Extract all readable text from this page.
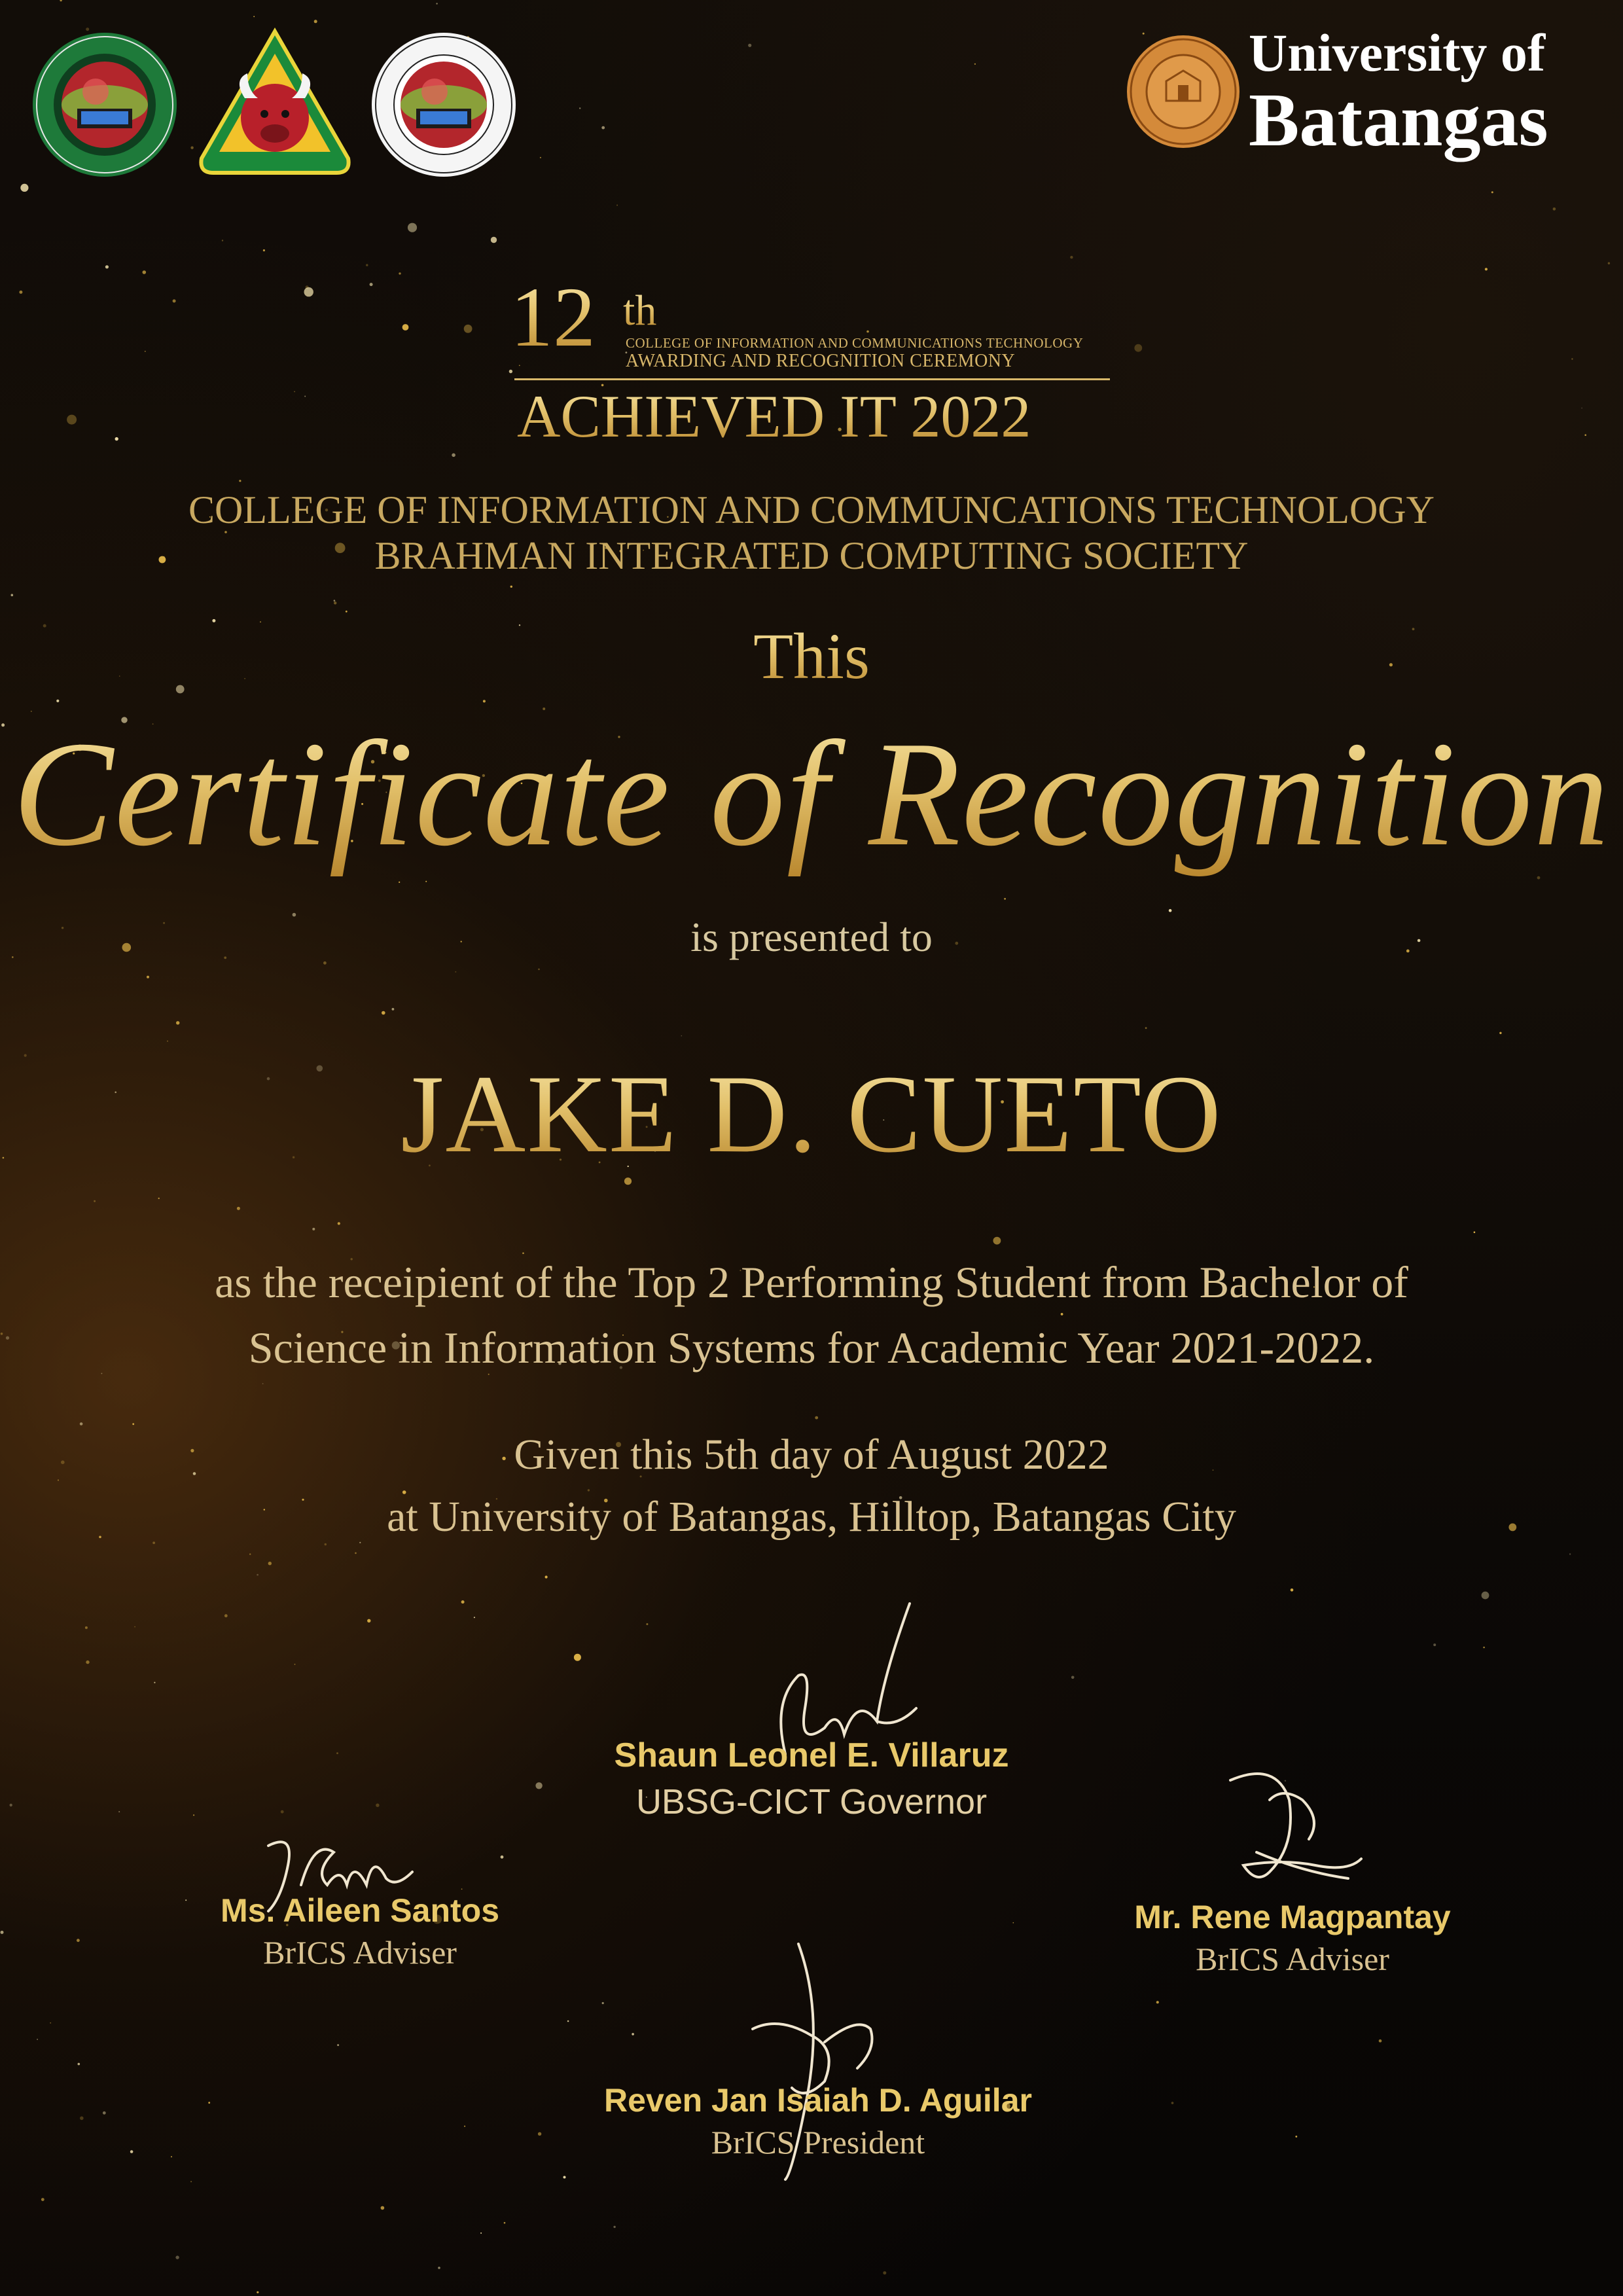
University of
Batangas
12 th
COLLEGE OF INFORMATION AND COMMUNICATIONS TECHNOLOGY
AWARDING AND RECOGNITION CEREMONY
ACHIEVED IT 2022
COLLEGE OF INFORMATION AND COMMUNCATIONS TECHNOLOGY
BRAHMAN INTEGRATED COMPUTING SOCIETY
This
Certificate of Recognition
is presented to
JAKE D. CUETO
as the receipient of the Top 2 Performing Student from Bachelor of
Science in Information Systems for Academic Year 2021-2022.
Given this 5th day of August 2022
at University of Batangas, Hilltop, Batangas City
Shaun Leonel E. Villaruz
UBSG-CICT Governor
Ms. Aileen Santos
BrICS Adviser
Mr. Rene Magpantay
BrICS Adviser
Reven Jan Isaiah D. Aguilar
BrICS President
